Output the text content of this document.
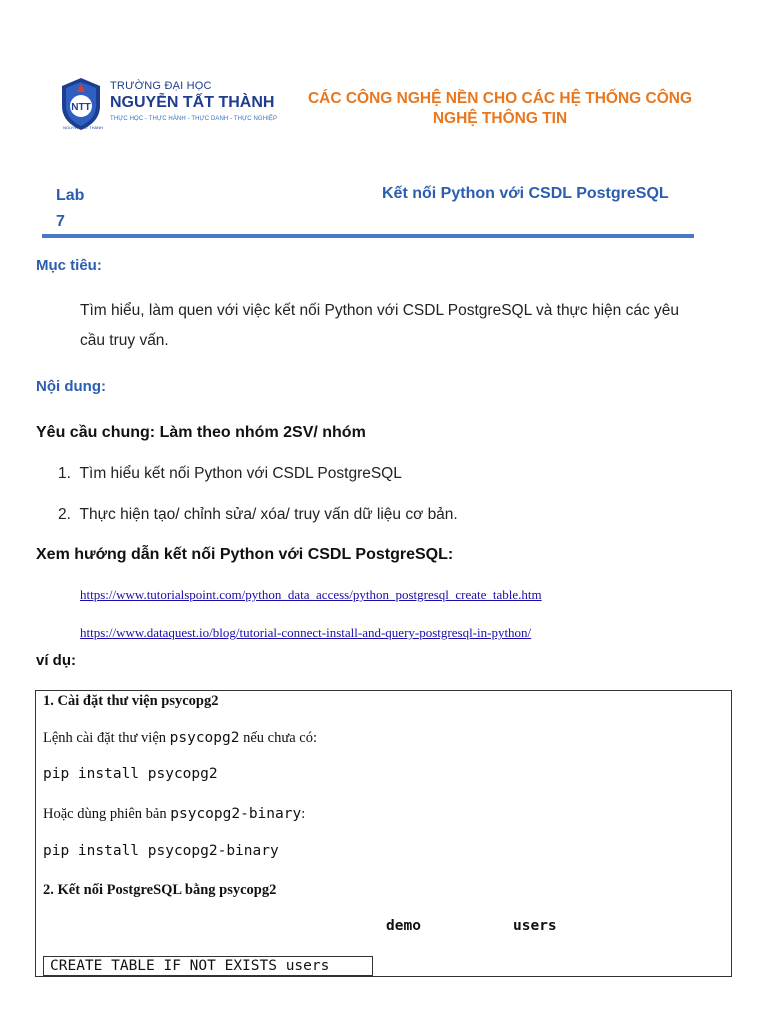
NTT
NGUYEN TAT THANH
TRƯỜNG ĐẠI HỌC
NGUYỄN TẤT THÀNH
THỰC HỌC - THỰC HÀNH - THỰC DANH - THỰC NGHIỆP
CÁC CÔNG NGHỆ NỀN CHO CÁC HỆ THỐNG CÔNG NGHỆ THÔNG TIN
Lab
7
Kết nối Python với CSDL PostgreSQL
Mục tiêu:
Tìm hiểu, làm quen với việc kết nối Python với CSDL PostgreSQL và thực hiện các yêu
cầu truy vấn.
Nội dung:
Yêu cầu chung: Làm theo nhóm 2SV/ nhóm
1.  Tìm hiểu kết nối Python với CSDL PostgreSQL
2.  Thực hiện tạo/ chỉnh sửa/ xóa/ truy vấn dữ liệu cơ bản.
Xem hướng dẫn kết nối Python với CSDL PostgreSQL:
https://www.tutorialspoint.com/python_data_access/python_postgresql_create_table.htm
https://www.dataquest.io/blog/tutorial-connect-install-and-query-postgresql-in-python/
ví dụ:
1. Cài đặt thư viện psycopg2
Lệnh cài đặt thư viện psycopg2 nếu chưa có:
pip install psycopg2
Hoặc dùng phiên bản psycopg2-binary:
pip install psycopg2-binary
2. Kết nối PostgreSQL bằng psycopg2
demo	users
CREATE TABLE IF NOT EXISTS users
